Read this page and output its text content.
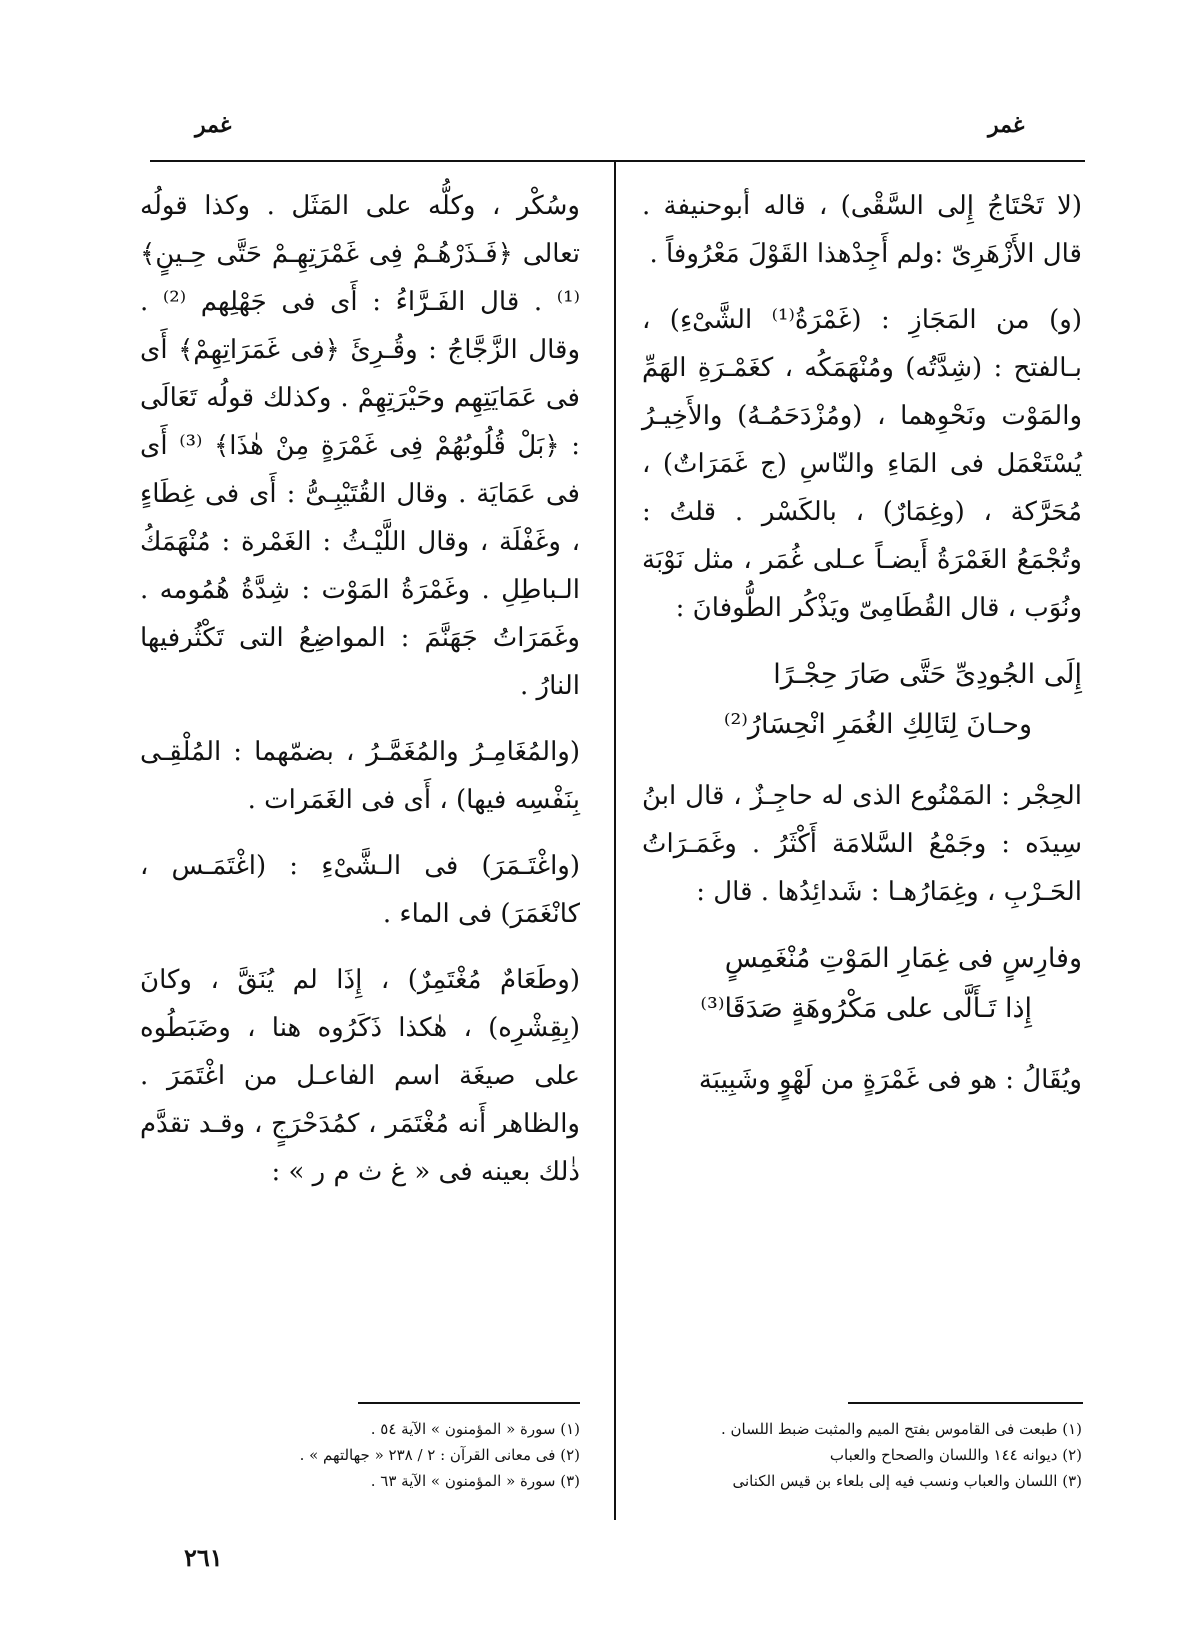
غمر
غمر

(لا تَحْتَاجُ إِلى السَّقْى) ، قاله أبوحنيفة . قال الأَزْهَرِىّ :ولم أَجِدْهذا القَوْلَ مَعْرُوفاً .

(و) من المَجَازِ : (غَمْرَةُ⁽¹⁾ الشَّىْءِ) ، بـالفتح : (شِدَّتُه) ومُنْهَمَكُه ، كغَمْـرَةِ الهَمِّ والمَوْت ونَحْوِهما ، (ومُزْدَحَمُـهُ) والأَخِيـرُ يُسْتَعْمَل فى المَاءِ والنّاسِ (ج غَمَرَاتٌ) ، مُحَرَّكة ، (وغِمَارٌ) ، بالكَسْر . قلتُ : وتُجْمَعُ الغَمْرَةُ أَيضـاً عـلى غُمَر ، مثل نَوْبَة ونُوَب ، قال القُطَامِىّ ويَذْكُر الطُّوفانَ :

إِلَى الجُودِىِّ حَتَّى صَارَ حِجْـرًا
وحـانَ لِتَالِكِ الغُمَرِ انْحِسَارُ⁽²⁾

الحِجْر : المَمْنُوع الذى له حاجِـزٌ ، قال ابنُ سِيدَه : وجَمْعُ السَّلامَة أَكْثَرُ . وغَمَـرَاتُ الحَـرْبِ ، وغِمَارُهـا : شَدائِدُها . قال :

وفارِسٍ فى غِمَارِ المَوْتِ مُنْغَمِسٍ
إِذا تَـأَلَّى على مَكْرُوهَةٍ صَدَقَا⁽³⁾

ويُقَالُ : هو فى غَمْرَةٍ من لَهْوٍ وشَبِيبَة

وسُكْر ، وكلُّه على المَثَل . وكذا قولُه تعالى ﴿فَـذَرْهُـمْ فِى غَمْرَتِهِـمْ حَتَّى حِـينٍ﴾ ⁽¹⁾ . قال الفَـرَّاءُ : أَى فى جَهْلِهم ⁽²⁾ . وقال الزَّجَّاجُ : وقُـرِئَ ﴿فى غَمَرَاتِهِمْ﴾ أَى فى عَمَايَتِهِم وحَيْرَتِهِمْ . وكذلك قولُه تَعَالَى : ﴿بَلْ قُلُوبُهُمْ فِى غَمْرَةٍ مِنْ هٰذَا﴾ ⁽³⁾ أَى فى عَمَايَة . وقال القُتَيْبِـىُّ : أَى فى غِطَاءٍ ، وغَفْلَة ، وقال اللَّيْـثُ : الغَمْرة : مُنْهَمَكُ الـباطِلِ . وغَمْرَةُ المَوْت : شِدَّةُ هُمُومه . وغَمَرَاتُ جَهَنَّمَ : المواضِعُ التى تَكْثُرفيها النارُ .

(والمُغَامِـرُ والمُغَمَّـرُ ، بضمّهما : المُلْقِـى بِنَفْسِه فيها) ، أَى فى الغَمَرات .

(واغْتَـمَرَ) فى الـشَّىْءِ : (اغْتَمَـس ، كانْغَمَرَ) فى الماء .

(وطَعَامٌ مُغْتَمِرٌ) ، إِذَا لم يُنَقَّ ، وكانَ (بِقِشْرِه) ، هٰكذا ذَكَرُوه هنا ، وضَبَطُوه على صيغَة اسم الفاعـل من اغْتَمَرَ . والظاهر أَنه مُغْتَمَر ، كمُدَحْرَجٍ ، وقـد تقدَّم ذٰلك بعينه فى « غ ث م ر » :

(١) طبعت فى القاموس بفتح الميم والمثبت ضبط اللسان .
(٢) ديوانه ١٤٤ واللسان والصحاح والعباب
(٣) اللسان والعباب ونسب فيه إلى بلعاء بن قيس الكنانى
(١) سورة « المؤمنون » الآية ٥٤ .
(٢) فى معانى القرآن : ٢ / ٢٣٨ « جهالتهم » .
(٣) سورة « المؤمنون » الآية ٦٣ .
٢٦١
